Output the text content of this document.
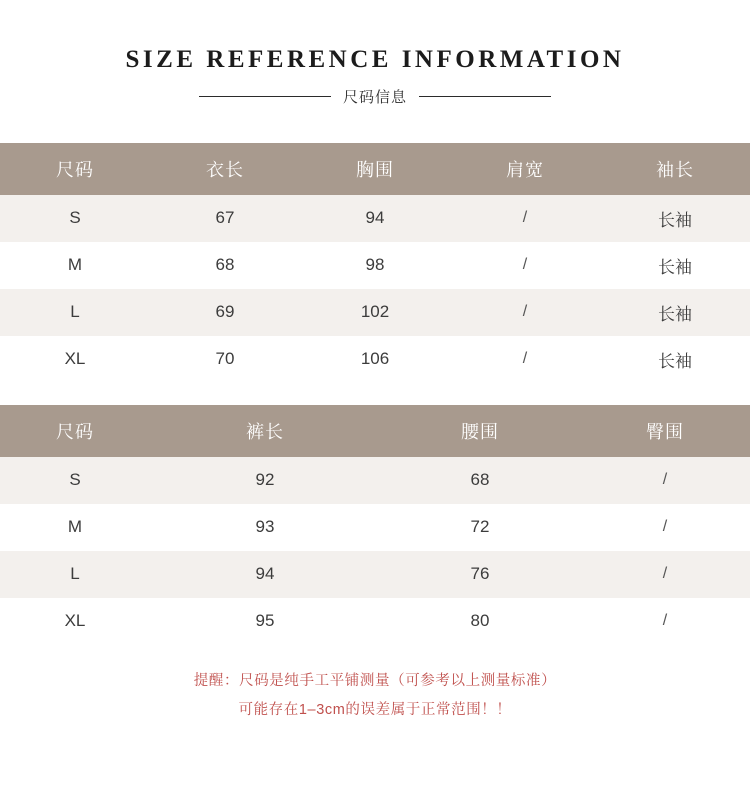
SIZE REFERENCE INFORMATION
尺码信息
尺码	衣长	胸围	肩宽	袖长
S	67	94	/	长袖
M	68	98	/	长袖
L	69	102	/	长袖
XL	70	106	/	长袖
尺码	裤长	腰围	臀围
S	92	68	/
M	93	72	/
L	94	76	/
XL	95	80	/
提醒：尺码是纯手工平铺测量（可参考以上测量标准）
可能存在1–3cm的误差属于正常范围！！
